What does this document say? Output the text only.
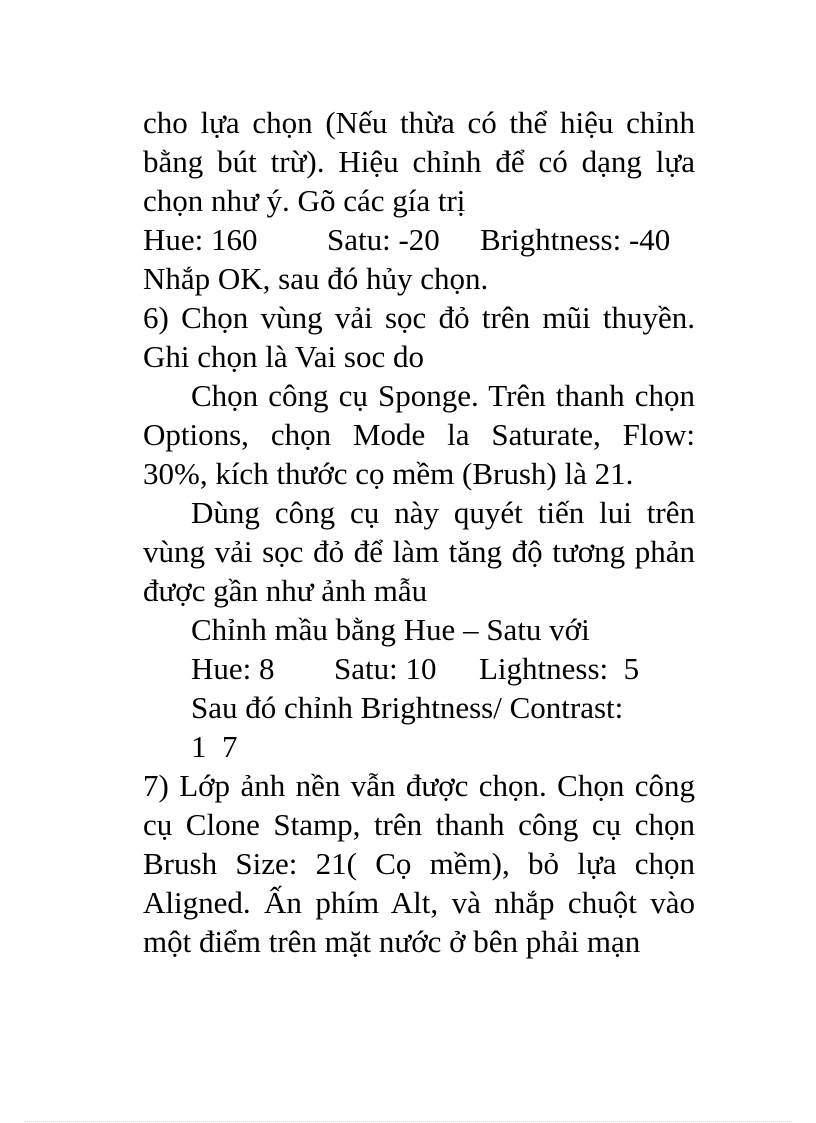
cho lựa chọn (Nếu thừa có thể hiệu chỉnh bằng bút trừ). Hiệu chỉnh để có dạng lựa chọn như ý. Gõ các gía trị

Hue: 160	Satu: -20	Brightness: -40

Nhắp OK, sau đó hủy chọn.

6) Chọn vùng vải sọc đỏ trên mũi thuyền. Ghi chọn là Vai soc do

Chọn công cụ Sponge. Trên thanh chọn Options, chọn Mode la Saturate, Flow: 30%, kích thước cọ mềm (Brush) là 21.

Dùng công cụ này quyét tiến lui trên vùng vải sọc đỏ để làm tăng độ tương phản được gần như ảnh mẫu

Chỉnh mầu bằng Hue – Satu với

Hue: 8	Satu: 10	Lightness:  5

Sau đó chỉnh Brightness/ Contrast:

1  7

7) Lớp ảnh nền vẫn được chọn. Chọn công cụ Clone Stamp, trên thanh công cụ chọn Brush Size: 21( Cọ mềm), bỏ lựa chọn Aligned. Ấn phím Alt, và nhắp chuột vào một điểm trên mặt nước ở bên phải mạn
